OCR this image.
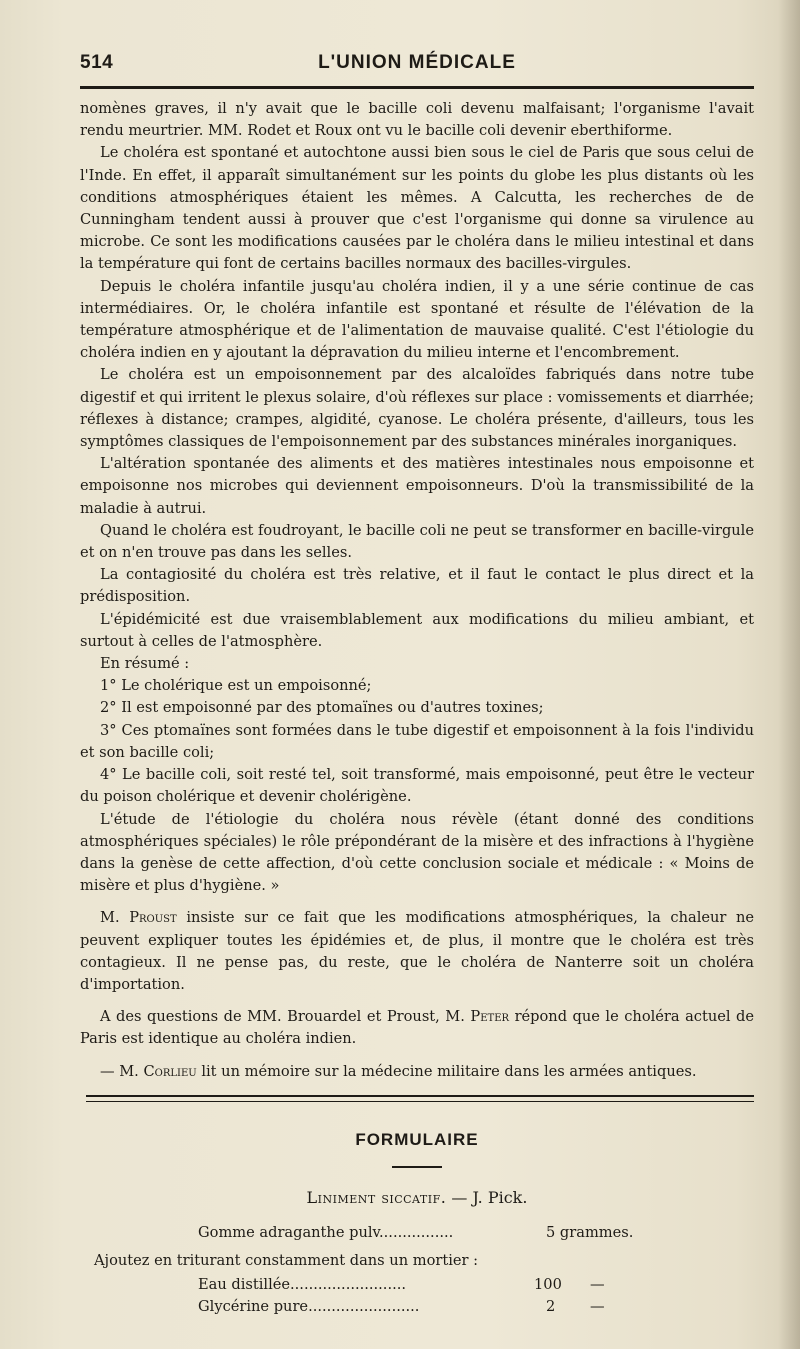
514	L'UNION MÉDICALE

nomènes graves, il n'y avait que le bacille coli devenu malfaisant; l'organisme l'avait rendu meurtrier. MM. Rodet et Roux ont vu le bacille coli devenir eberthiforme.

Le choléra est spontané et autochtone aussi bien sous le ciel de Paris que sous celui de l'Inde. En effet, il apparaît simultanément sur les points du globe les plus distants où les conditions atmosphériques étaient les mêmes. A Calcutta, les recherches de de Cunningham tendent aussi à prouver que c'est l'organisme qui donne sa virulence au microbe. Ce sont les modifications causées par le choléra dans le milieu intestinal et dans la température qui font de certains bacilles normaux des bacilles-virgules.

Depuis le choléra infantile jusqu'au choléra indien, il y a une série continue de cas intermédiaires. Or, le choléra infantile est spontané et résulte de l'élévation de la température atmosphérique et de l'alimentation de mauvaise qualité. C'est l'étiologie du choléra indien en y ajoutant la dépravation du milieu interne et l'encombrement.

Le choléra est un empoisonnement par des alcaloïdes fabriqués dans notre tube digestif et qui irritent le plexus solaire, d'où réflexes sur place : vomissements et diarrhée; réflexes à distance; crampes, algidité, cyanose. Le choléra présente, d'ailleurs, tous les symptômes classiques de l'empoisonnement par des substances minérales inorganiques.

L'altération spontanée des aliments et des matières intestinales nous empoisonne et empoisonne nos microbes qui deviennent empoisonneurs. D'où la transmissibilité de la maladie à autrui.

Quand le choléra est foudroyant, le bacille coli ne peut se transformer en bacille-virgule et on n'en trouve pas dans les selles.

La contagiosité du choléra est très relative, et il faut le contact le plus direct et la prédisposition.

L'épidémicité est due vraisemblablement aux modifications du milieu ambiant, et surtout à celles de l'atmosphère.

En résumé :

1° Le cholérique est un empoisonné;

2° Il est empoisonné par des ptomaïnes ou d'autres toxines;

3° Ces ptomaïnes sont formées dans le tube digestif et empoisonnent à la fois l'individu et son bacille coli;

4° Le bacille coli, soit resté tel, soit transformé, mais empoisonné, peut être le vecteur du poison cholérique et devenir cholérigène.

L'étude de l'étiologie du choléra nous révèle (étant donné des conditions atmosphériques spéciales) le rôle prépondérant de la misère et des infractions à l'hygiène dans la genèse de cette affection, d'où cette conclusion sociale et médicale : « Moins de misère et plus d'hygiène. »

M. Proust insiste sur ce fait que les modifications atmosphériques, la chaleur ne peuvent expliquer toutes les épidémies et, de plus, il montre que le choléra est très contagieux. Il ne pense pas, du reste, que le choléra de Nanterre soit un choléra d'importation.

A des questions de MM. Brouardel et Proust, M. Peter répond que le choléra actuel de Paris est identique au choléra indien.

— M. Corlieu lit un mémoire sur la médecine militaire dans les armées antiques.

FORMULAIRE
Liniment siccatif. — J. Pick.
Gomme adraganthe pulv................	5 grammes.
Ajoutez en triturant constamment dans un mortier :
Eau distillée.........................	100 —
Glycérine pure........................	2 —
